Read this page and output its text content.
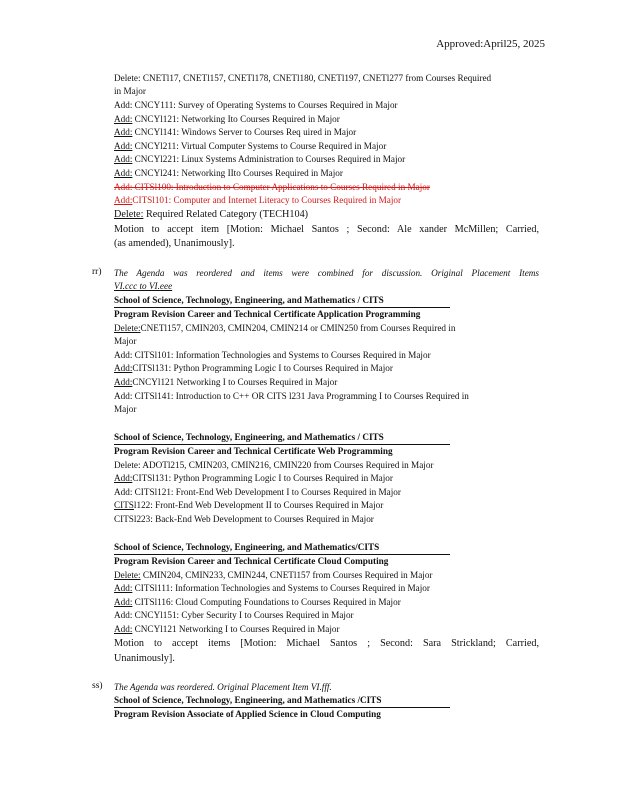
Approved:April25, 2025
Delete: CNETl17, CNETl157, CNETl178, CNETl180, CNETl197, CNETl277 from Courses Required
in Major
Add: CNCY111: Survey of Operating Systems to Courses Required in Major
Add: CNCYl121: Networking Ito Courses Required in Major
Add: CNCYl141: Windows Server to Courses Req uired in Major
Add: CNCYl211: Virtual Computer Systems to Course Required in Major
Add: CNCYl221: Linux Systems Administration to Courses Required in Major
Add: CNCYl241: Networking IIto Courses Required in Major
Add: CITSl100: Introduction to Computer Applications to Courses Required in Major
Add:CITSl101: Computer and Internet Literacy to Courses Required in Major
Delete: Required Related Category (TECH104)
Motion to accept item [Motion: Michael Santos ; Second: Ale xander McMillen; Carried,
(as amended), Unanimously].
rr) The Agenda was reordered and items were combined for discussion. Original Placement Items
VI.ccc to VI.eee
School of Science, Technology, Engineering, and Mathematics / CITS
Program Revision Career and Technical Certificate Application Programming
Delete:CNETl157, CMIN203, CMIN204, CMIN214 or CMIN250 from Courses Required in
Major
Add: CITSl101: Information Technologies and Systems to Courses Required in Major
Add:CITSl131: Python Programming Logic I to Courses Required in Major
Add:CNCYl121 Networking I to Courses Required in Major
Add: CITSl141: Introduction to C++ OR CITS l231 Java Programming I to Courses Required in
Major
School of Science, Technology, Engineering, and Mathematics / CITS
Program Revision Career and Technical Certificate Web Programming
Delete: ADOTl215, CMIN203, CMIN216, CMIN220 from Courses Required in Major
Add:CITSl131: Python Programming Logic I to Courses Required in Major
Add: CITSl121: Front-End Web Development I to Courses Required in Major
CITSl122: Front-End Web Development II to Courses Required in Major
CITSl223: Back-End Web Development to Courses Required in Major
School of Science, Technology, Engineering, and Mathematics/CITS
Program Revision Career and Technical Certificate Cloud Computing
Delete: CMIN204, CMIN233, CMIN244, CNETl157 from Courses Required in Major
Add: CITSl111: Information Technologies and Systems to Courses Required in Major
Add: CITSl116: Cloud Computing Foundations to Courses Required in Major
Add: CNCYl151: Cyber Security I to Courses Required in Major
Add: CNCYl121 Networking I to Courses Required in Major
Motion to accept items [Motion: Michael Santos ; Second: Sara Strickland; Carried,
Unanimously].
ss) The Agenda was reordered. Original Placement Item VI.fff.
School of Science, Technology, Engineering, and Mathematics /CITS
Program Revision Associate of Applied Science in Cloud Computing
